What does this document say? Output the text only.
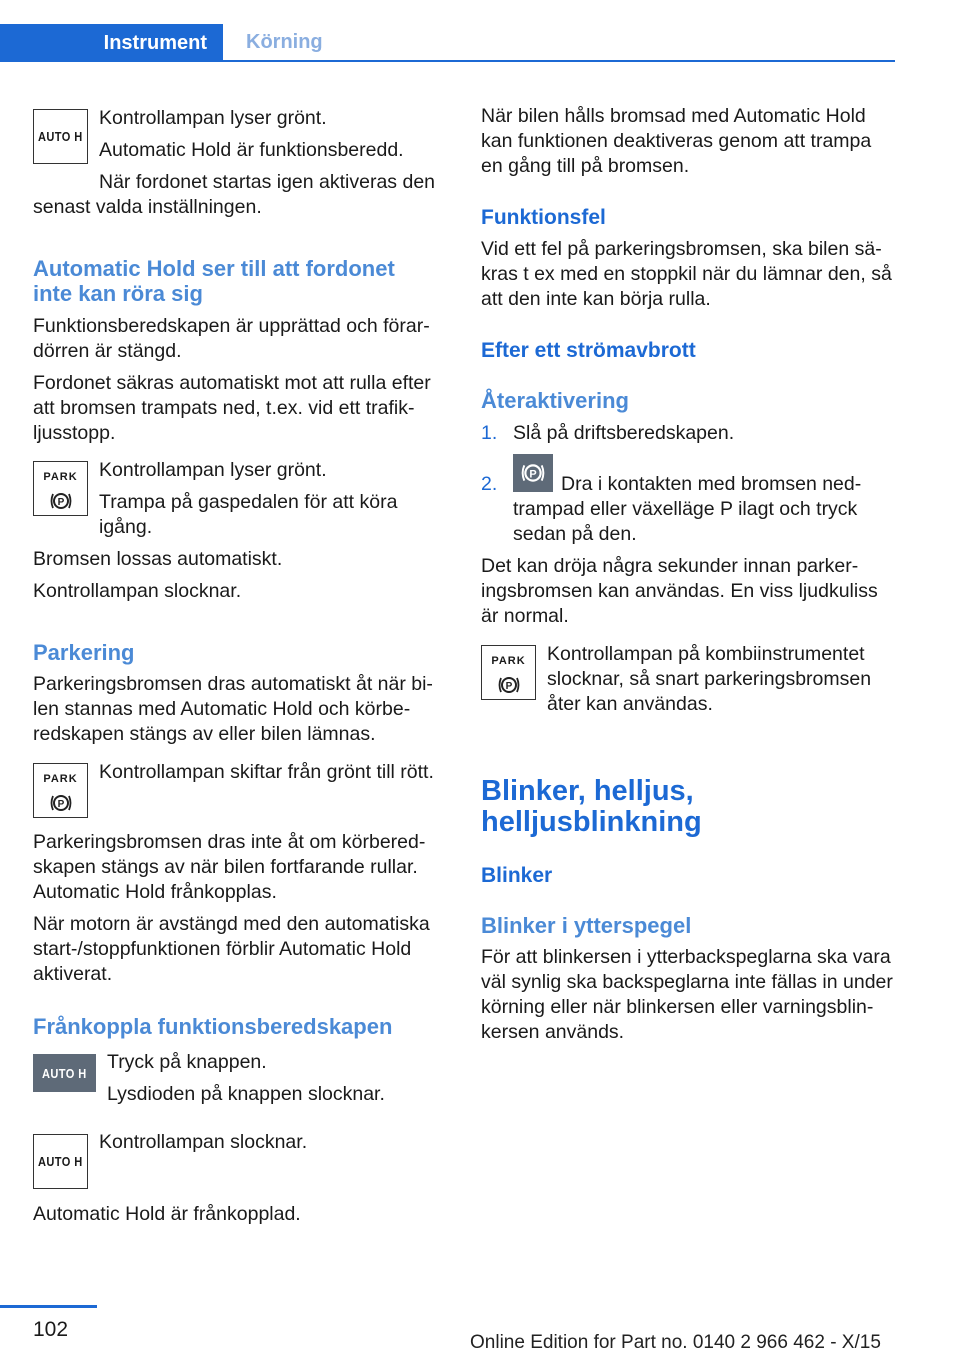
Instrument	Körning
AUTO H

Kontrollampan lyser grönt.

Automatic Hold är funktionsberedd.

När fordonet startas igen aktiveras den

senast valda inställningen.

Automatic Hold ser till att fordonet
inte kan röra sig

Funktionsberedskapen är upprättad och förar-

dörren är stängd.

Fordonet säkras automatiskt mot att rulla efter

att bromsen trampats ned, t.ex. vid ett trafik-

ljusstopp.

PARK
P

Kontrollampan lyser grönt.

Trampa på gaspedalen för att köra

igång.

Bromsen lossas automatiskt.

Kontrollampan slocknar.

Parkering

Parkeringsbromsen dras automatiskt åt när bi-

len stannas med Automatic Hold och körbe-

redskapen stängs av eller bilen lämnas.

PARK
P

Kontrollampan skiftar från grönt till rött.

Parkeringsbromsen dras inte åt om körbered-

skapen stängs av när bilen fortfarande rullar.

Automatic Hold frånkopplas.

När motorn är avstängd med den automatiska

start-/stoppfunktionen förblir Automatic Hold

aktiverat.

Frånkoppla funktionsberedskapen
AUTO H Tryck på knappen.

Lysdioden på knappen slocknar.

AUTO H

Kontrollampan slocknar.

Automatic Hold är frånkopplad.

När bilen hålls bromsad med Automatic Hold

kan funktionen deaktiveras genom att trampa

en gång till på bromsen.

Funktionsfel

Vid ett fel på parkeringsbromsen, ska bilen sä-

kras t ex med en stoppkil när du lämnar den, så

att den inte kan börja rulla.

Efter ett strömavbrott
Återaktivering
1. Slå på driftsberedskapen.

2.	P Dra i kontakten med bromsen ned-

trampad eller växelläge P ilagt och tryck

sedan på den.

Det kan dröja några sekunder innan parker-

ingsbromsen kan användas. En viss ljudkuliss

är normal.

PARK
P

Kontrollampan på kombiinstrumentet

slocknar, så snart parkeringsbromsen

åter kan användas.

Blinker, helljus,
helljusblinkning
Blinker
Blinker i ytterspegel

För att blinkersen i ytterbackspeglarna ska vara

väl synlig ska backspeglarna inte fällas in under

körning eller när blinkersen eller varningsblin-

kersen används.

102
Online Edition for Part no. 0140 2 966 462 - X/15
